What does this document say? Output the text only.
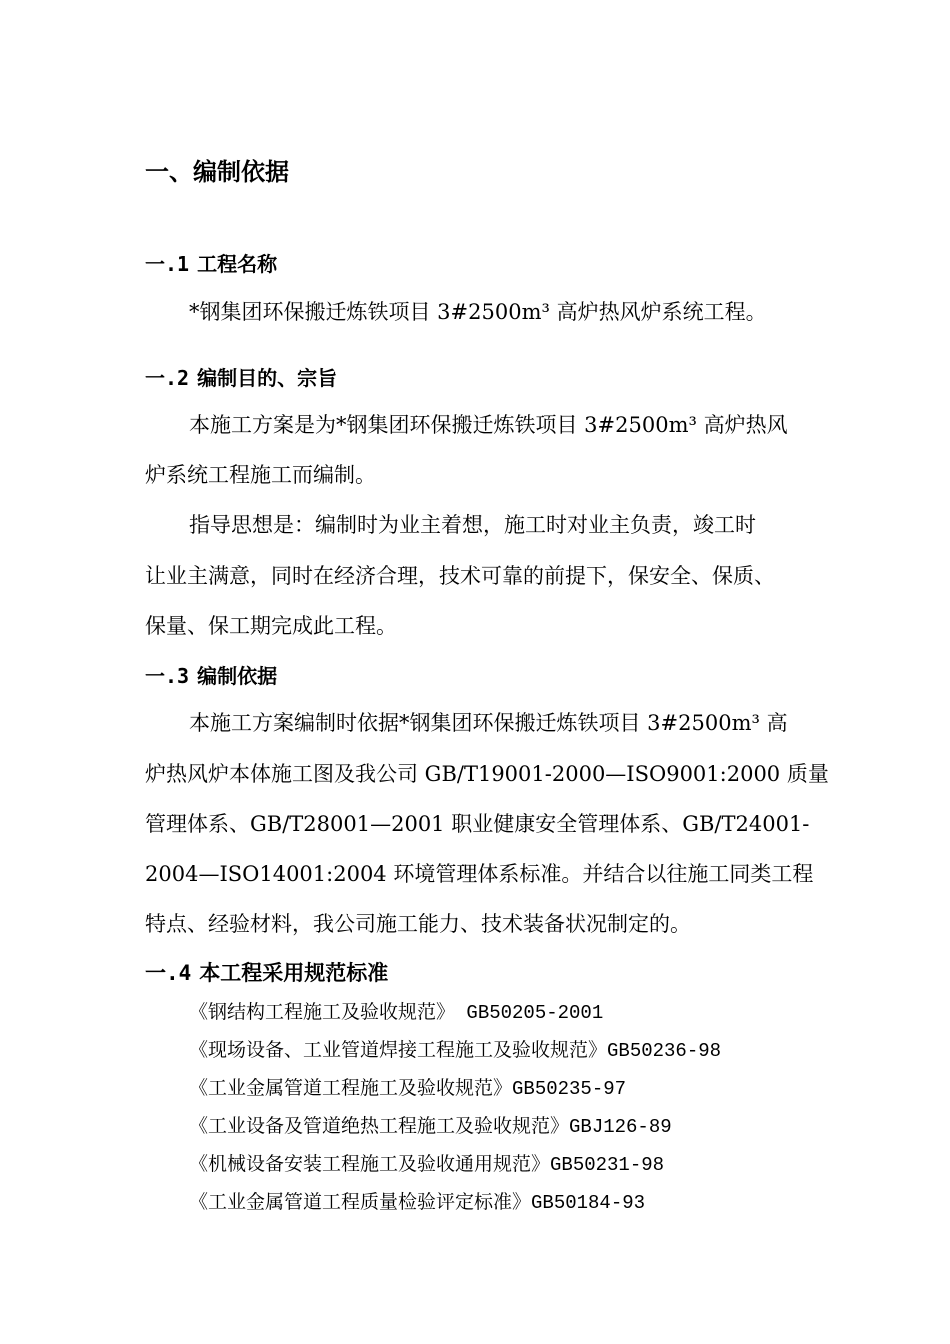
一、编制依据
一.1 工程名称

*钢集团环保搬迁炼铁项目 3#2500m³ 高炉热风炉系统工程。

一.2 编制目的、宗旨

本施工方案是为*钢集团环保搬迁炼铁项目 3#2500m³ 高炉热风

炉系统工程施工而编制。

指导思想是：编制时为业主着想，施工时对业主负责，竣工时

让业主满意，同时在经济合理，技术可靠的前提下，保安全、保质、

保量、保工期完成此工程。

一.3 编制依据

本施工方案编制时依据*钢集团环保搬迁炼铁项目 3#2500m³ 高

炉热风炉本体施工图及我公司 GB/T19001-2000—ISO9001:2000 质量

管理体系、GB/T28001—2001 职业健康安全管理体系、GB/T24001-

2004—ISO14001:2004 环境管理体系标准。并结合以往施工同类工程

特点、经验材料，我公司施工能力、技术装备状况制定的。

一.4 本工程采用规范标准
《钢结构工程施工及验收规范》 GB50205-2001
《现场设备、工业管道焊接工程施工及验收规范》GB50236-98
《工业金属管道工程施工及验收规范》GB50235-97
《工业设备及管道绝热工程施工及验收规范》GBJ126-89
《机械设备安装工程施工及验收通用规范》GB50231-98
《工业金属管道工程质量检验评定标准》GB50184-93
